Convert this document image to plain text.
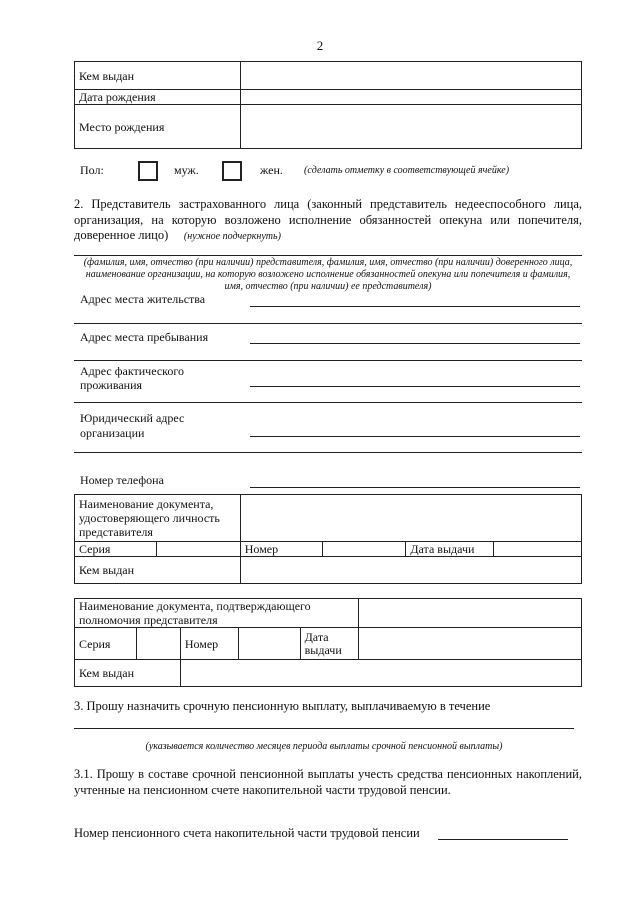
2
Кем выдан	
Дата рождения	
Место рождения	
Пол:	муж.	жен. (сделать отметку в соответствующей ячейке)
2. Представитель застрахованного лица (законный представитель недееспособного лица, организация, на которую возложено исполнение обязанностей опекуна или попечителя, доверенное лицо) (нужное подчеркнуть)
(фамилия, имя, отчество (при наличии) представителя, фамилия, имя, отчество (при наличии) доверенного лица, наименование организации, на которую возложено исполнение обязанностей опекуна или попечителя и фамилия, имя, отчество (при наличии) ее представителя)
Адрес места жительства
Адрес места пребывания
Адрес фактического
проживания
Юридический адрес
организации
Номер телефона
Наименование документа,
удостоверяющего личность
представителя					

Серия		Номер		Дата выдачи	
Кем выдан					
Наименование документа, подтверждающего
полномочия представителя					

Серия		Номер		Дата
выдачи	

Кем выдан					
3. Прошу назначить срочную пенсионную выплату, выплачиваемую в течение
(указывается количество месяцев периода выплаты срочной пенсионной выплаты)
3.1. Прошу в составе срочной пенсионной выплаты учесть средства пенсионных накоплений, учтенные на пенсионном счете накопительной части трудовой пенсии.
Номер пенсионного счета накопительной части трудовой пенсии
